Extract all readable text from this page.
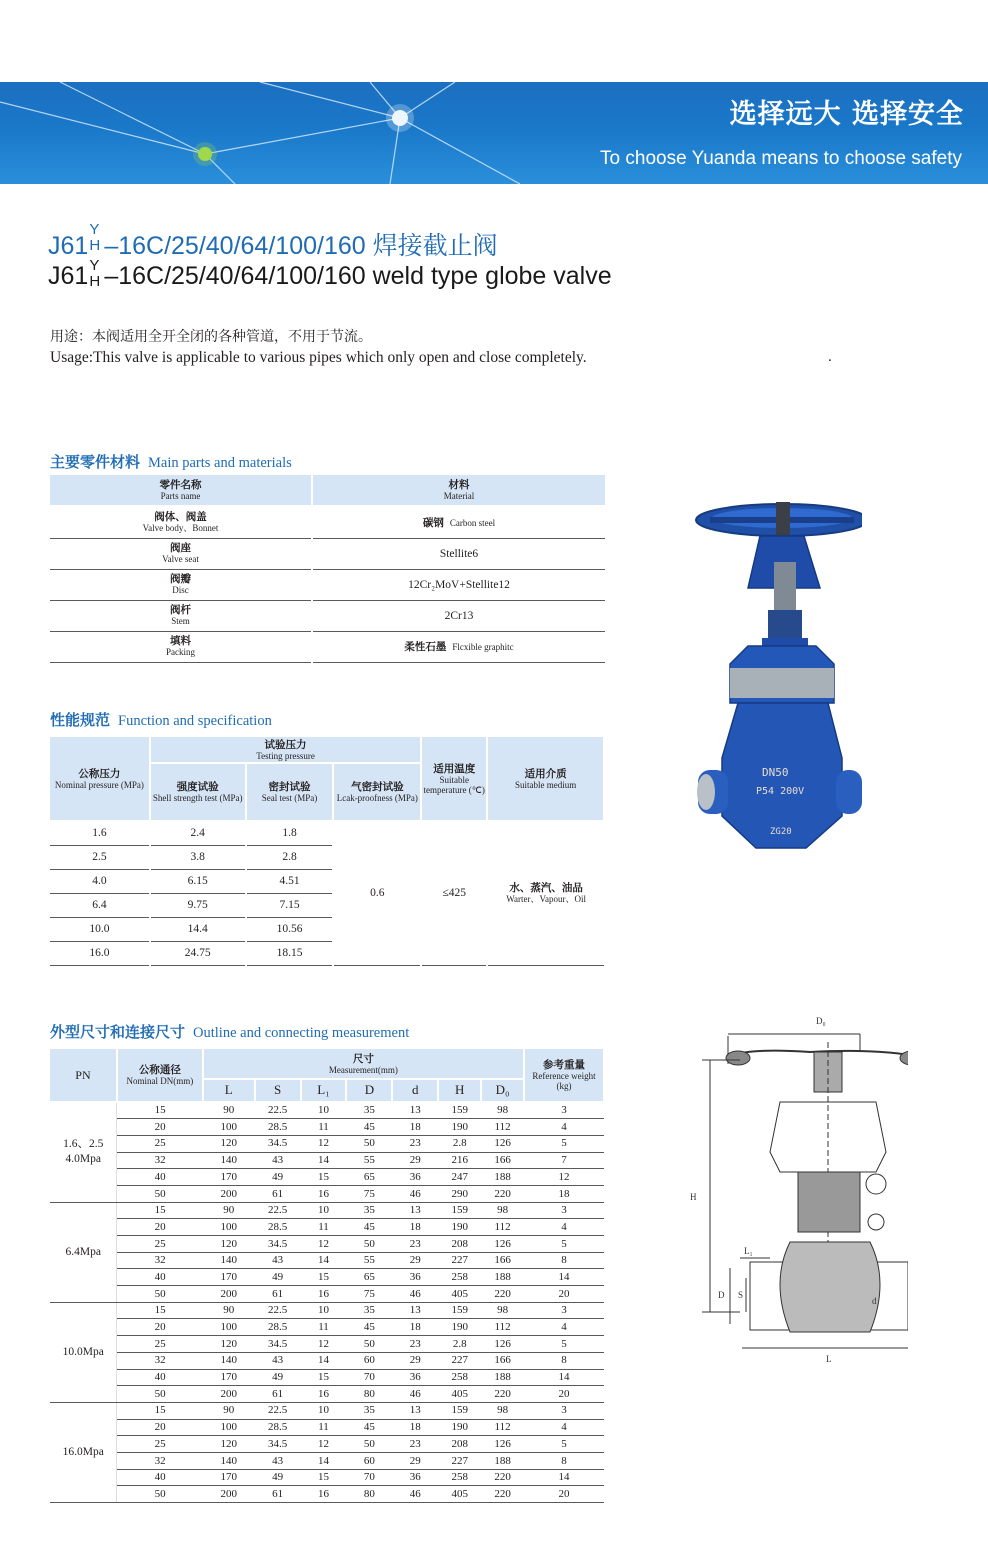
选择远大 选择安全
To choose Yuanda means to choose safety
J61
Y
H –16C/25/40/64/100/160 焊接截止阀
J61 Y
H –16C/25/40/64/100/160 weld type globe valve
用途：本阀适用全开全闭的各种管道，不用于节流。
Usage:This valve is applicable to various pipes which only open and close completely.	.
主要零件材料 Main parts and materials
零件名称
Parts name	材料
Material

阀体、阀盖
Valve body、Bonnet	碳钢 Carbon steel

阀座
Valve seat	Stellite6

阀瓣
Disc	12Cr₂MoV+Stellite12

阀杆
Stem	2Cr13

填料
Packing	柔性石墨 Flcxible graphitc
性能规范 Function and specification
公称压力
Nominal pressure (MPa)	试验压力
Testing pressure			适用温度
Suitable temperature (℃)	适用介质
Suitable medium

	强度试验
Shell strength test (MPa)	密封试验
Seal test (MPa)	气密封试验
Lcak-proofness (MPa)		

1.6	2.4	1.8	0.6	≤425	水、蒸汽、油品
Warter、Vapour、Oil

2.5	3.8	2.8			
4.0	6.15	4.51			
6.4	9.75	7.15			
10.0	14.4	10.56			
16.0	24.75	18.15			
外型尺寸和连接尺寸 Outline and connecting measurement
PN	公称通径
Nominal DN(mm)	尺寸
Measurement(mm)							参考重量
Reference weight (kg)

		L	S	L₁	D	d	H	D₀	
1.6、2.5
4.0Mpa	15	90	22.5	10	35	13	159	98	3
	20	100	28.5	11	45	18	190	112	4
	25	120	34.5	12	50	23	2.8	126	5
	32	140	43	14	55	29	216	166	7
	40	170	49	15	65	36	247	188	12
	50	200	61	16	75	46	290	220	18
6.4Mpa	15	90	22.5	10	35	13	159	98	3
	20	100	28.5	11	45	18	190	112	4
	25	120	34.5	12	50	23	208	126	5
	32	140	43	14	55	29	227	166	8
	40	170	49	15	65	36	258	188	14
	50	200	61	16	75	46	405	220	20
10.0Mpa	15	90	22.5	10	35	13	159	98	3
	20	100	28.5	11	45	18	190	112	4
	25	120	34.5	12	50	23	2.8	126	5
	32	140	43	14	60	29	227	166	8
	40	170	49	15	70	36	258	188	14
	50	200	61	16	80	46	405	220	20
16.0Mpa	15	90	22.5	10	35	13	159	98	3
	20	100	28.5	11	45	18	190	112	4
	25	120	34.5	12	50	23	208	126	5
	32	140	43	14	60	29	227	188	8
	40	170	49	15	70	36	258	220	14
	50	200	61	16	80	46	405	220	20
DN50
P54 200V
ZG20
D₀
H
L₁
D S
d
L
